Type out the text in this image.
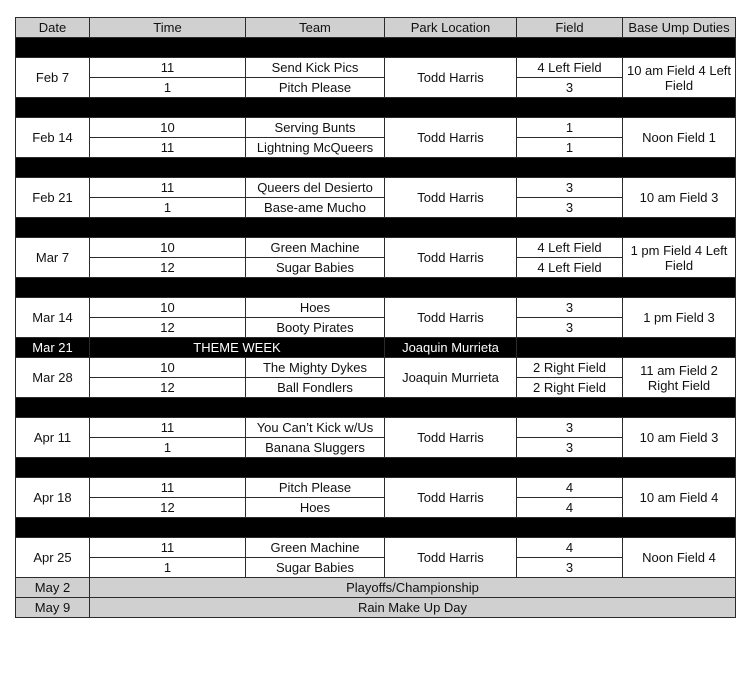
Date	Time	Team	Park Location	Field	Base Ump Duties

Feb 7	11	Send Kick Pics	Todd Harris	4 Left Field	10 am Field 4 Left Field
	1	Pitch Please		3	

Feb 14	10	Serving Bunts	Todd Harris	1	Noon Field 1
	11	Lightning McQueers		1	

Feb 21	11	Queers del Desierto	Todd Harris	3	10 am Field 3
	1	Base-ame Mucho		3	

Mar 7	10	Green Machine	Todd Harris	4 Left Field	1 pm Field 4 Left Field
	12	Sugar Babies		4 Left Field	

Mar 14	10	Hoes	Todd Harris	3	1 pm Field 3
	12	Booty Pirates		3	
Mar 21	THEME WEEK		Joaquin Murrieta		
Mar 28	10	The Mighty Dykes	Joaquin Murrieta	2 Right Field	11 am Field 2 Right Field
	12	Ball Fondlers		2 Right Field	

Apr 11	11	You Can’t Kick w/Us	Todd Harris	3	10 am Field 3
	1	Banana Sluggers		3	

Apr 18	11	Pitch Please	Todd Harris	4	10 am Field 4
	12	Hoes		4	

Apr 25	11	Green Machine	Todd Harris	4	Noon Field 4
	1	Sugar Babies		3	
May 2	Playoffs/Championship				
May 9	Rain Make Up Day				
